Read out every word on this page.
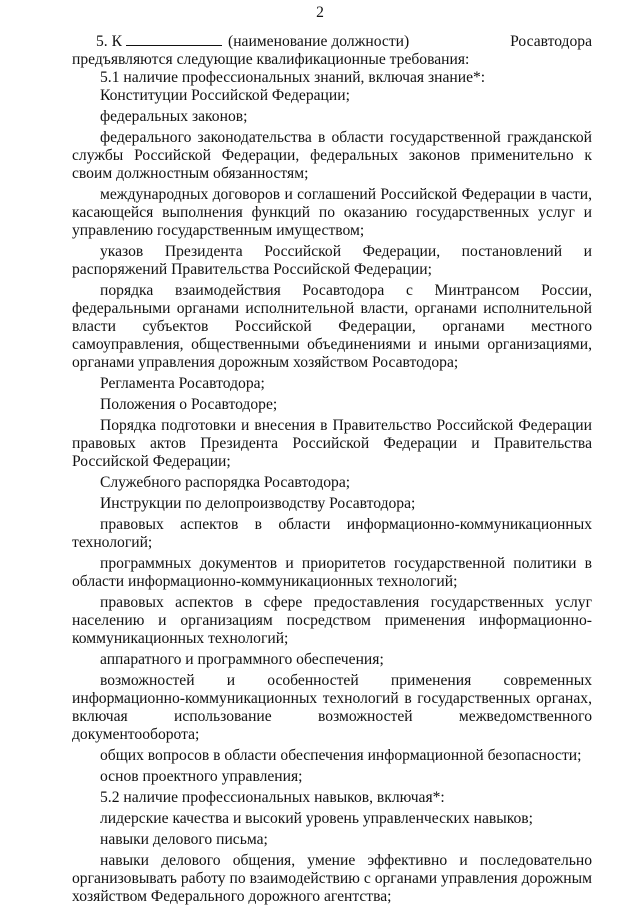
2
5. К	(наименование должности)	Росавтодора

предъявляются следующие квалификационные требования:

5.1 наличие профессиональных знаний, включая знание*:

Конституции Российской Федерации;

федеральных законов;

федерального законодательства в области государственной гражданской службы Российской Федерации, федеральных законов применительно к своим должностным обязанностям;

международных договоров и соглашений Российской Федерации в части, касающейся выполнения функций по оказанию государственных услуг и управлению государственным имуществом;

указов Президента Российской Федерации, постановлений и распоряжений Правительства Российской Федерации;

порядка взаимодействия Росавтодора с Минтрансом России, федеральными органами исполнительной власти, органами исполнительной власти субъектов Российской Федерации, органами местного самоуправления, общественными объединениями и иными организациями, органами управления дорожным хозяйством Росавтодора;

Регламента Росавтодора;

Положения о Росавтодоре;

Порядка подготовки и внесения в Правительство Российской Федерации правовых актов Президента Российской Федерации и Правительства Российской Федерации;

Служебного распорядка Росавтодора;

Инструкции по делопроизводству Росавтодора;

правовых аспектов в области информационно-коммуникационных технологий;

программных документов и приоритетов государственной политики в области информационно-коммуникационных технологий;

правовых аспектов в сфере предоставления государственных услуг населению и организациям посредством применения информационно-коммуникационных технологий;

аппаратного и программного обеспечения;

возможностей и особенностей применения современных информационно-коммуникационных технологий в государственных органах, включая использование возможностей межведомственного документооборота;

общих вопросов в области обеспечения информационной безопасности;

основ проектного управления;

5.2 наличие профессиональных навыков, включая*:

лидерские качества и высокий уровень управленческих навыков;

навыки делового письма;

навыки делового общения, умение эффективно и последовательно организовывать работу по взаимодействию с органами управления дорожным хозяйством Федерального дорожного агентства;
